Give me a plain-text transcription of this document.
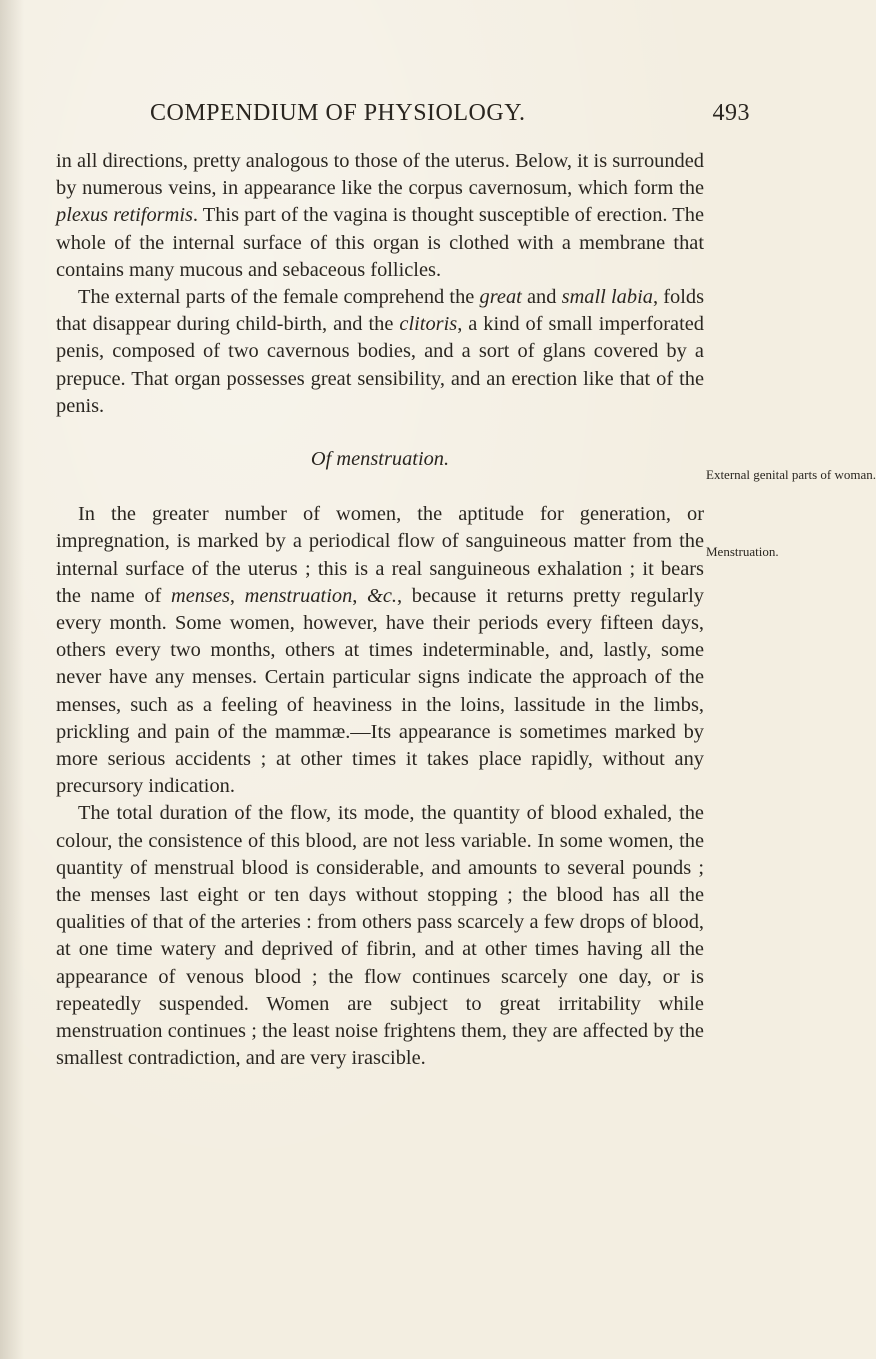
COMPENDIUM OF PHYSIOLOGY.	493

in all directions, pretty analogous to those of the uterus. Below, it is surrounded by numerous veins, in appearance like the corpus cavernosum, which form the plexus retiformis. This part of the vagina is thought susceptible of erection. The whole of the internal surface of this organ is clothed with a membrane that contains many mucous and sebaceous follicles.

The external parts of the female comprehend the great and small labia, folds that disappear during child-birth, and the clitoris, a kind of small imperforated penis, composed of two cavernous bodies, and a sort of glans covered by a prepuce. That organ possesses great sensibility, and an erection like that of the penis.

Of menstruation.

In the greater number of women, the aptitude for generation, or impregnation, is marked by a periodical flow of sanguineous matter from the internal surface of the uterus ; this is a real sanguineous exhalation ; it bears the name of menses, menstruation, &c., because it returns pretty regularly every month. Some women, however, have their periods every fifteen days, others every two months, others at times indeterminable, and, lastly, some never have any menses. Certain particular signs indicate the approach of the menses, such as a feeling of heaviness in the loins, lassitude in the limbs, prickling and pain of the mammæ.—Its appearance is sometimes marked by more serious accidents ; at other times it takes place rapidly, without any precursory indication.

The total duration of the flow, its mode, the quantity of blood exhaled, the colour, the consistence of this blood, are not less variable. In some women, the quantity of menstrual blood is considerable, and amounts to several pounds ; the menses last eight or ten days without stopping ; the blood has all the qualities of that of the arteries : from others pass scarcely a few drops of blood, at one time watery and deprived of fibrin, and at other times having all the appearance of venous blood ; the flow continues scarcely one day, or is repeatedly suspended. Women are subject to great irritability while menstruation continues ; the least noise frightens them, they are affected by the smallest contradiction, and are very irascible.

External genital parts of woman.
Menstruation.
